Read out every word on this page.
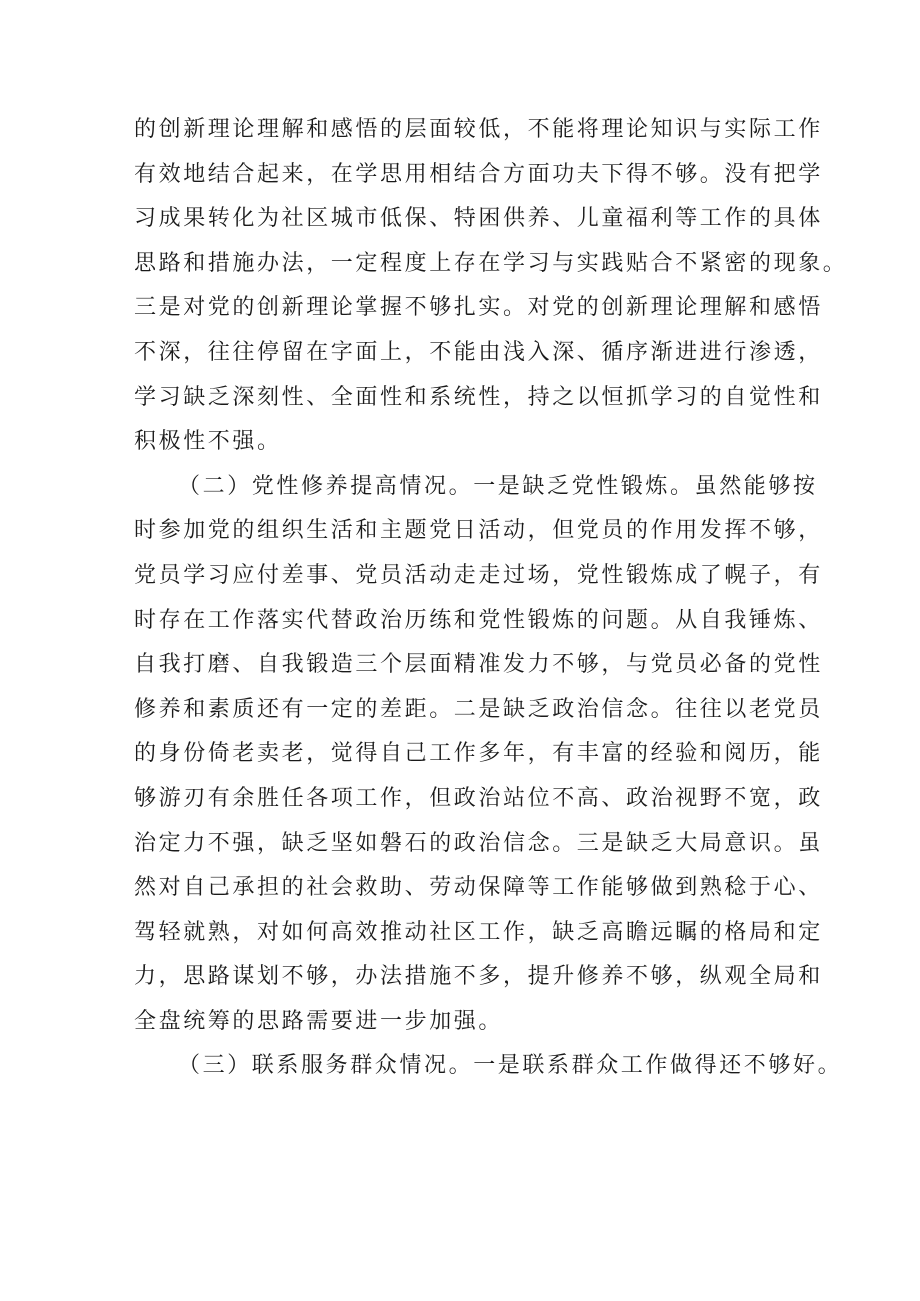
的创新理论理解和感悟的层面较低，不能将理论知识与实际工作
有效地结合起来，在学思用相结合方面功夫下得不够。没有把学
习成果转化为社区城市低保、特困供养、儿童福利等工作的具体
思路和措施办法，一定程度上存在学习与实践贴合不紧密的现象。
三是对党的创新理论掌握不够扎实。对党的创新理论理解和感悟
不深，往往停留在字面上，不能由浅入深、循序渐进进行渗透，
学习缺乏深刻性、全面性和系统性，持之以恒抓学习的自觉性和
积极性不强。
（二）党性修养提高情况。一是缺乏党性锻炼。虽然能够按
时参加党的组织生活和主题党日活动，但党员的作用发挥不够，
党员学习应付差事、党员活动走走过场，党性锻炼成了幌子，有
时存在工作落实代替政治历练和党性锻炼的问题。从自我锤炼、
自我打磨、自我锻造三个层面精准发力不够，与党员必备的党性
修养和素质还有一定的差距。二是缺乏政治信念。往往以老党员
的身份倚老卖老，觉得自己工作多年，有丰富的经验和阅历，能
够游刃有余胜任各项工作，但政治站位不高、政治视野不宽，政
治定力不强，缺乏坚如磐石的政治信念。三是缺乏大局意识。虽
然对自己承担的社会救助、劳动保障等工作能够做到熟稔于心、
驾轻就熟，对如何高效推动社区工作，缺乏高瞻远瞩的格局和定
力，思路谋划不够，办法措施不多，提升修养不够，纵观全局和
全盘统筹的思路需要进一步加强。
（三）联系服务群众情况。一是联系群众工作做得还不够好。
